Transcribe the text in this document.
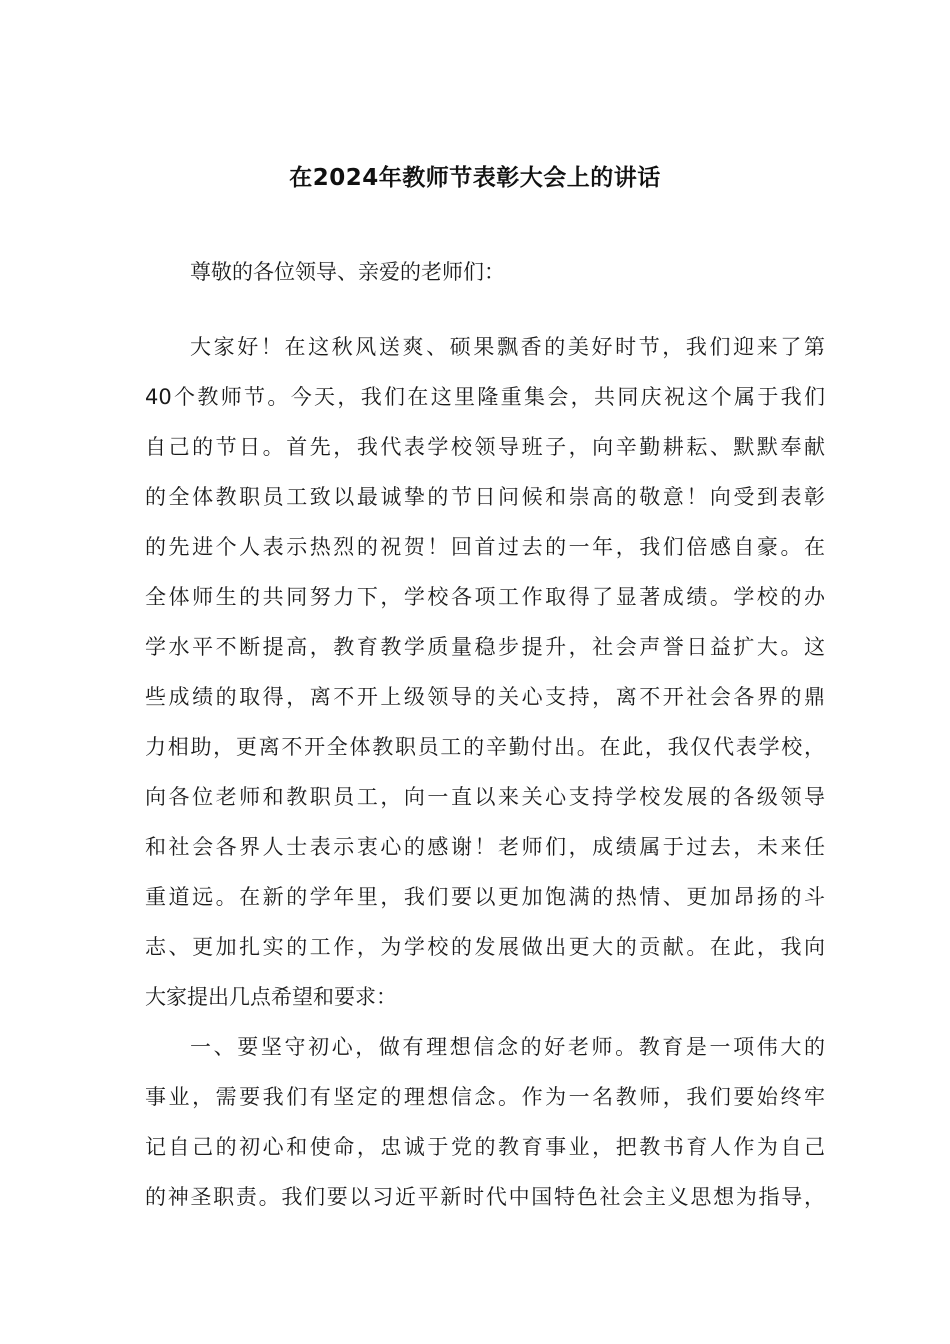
在2024年教师节表彰大会上的讲话
尊敬的各位领导、亲爱的老师们：
大家好！在这秋风送爽、硕果飘香的美好时节，我们迎来了第
40个教师节。今天，我们在这里隆重集会，共同庆祝这个属于我们
自己的节日。首先，我代表学校领导班子，向辛勤耕耘、默默奉献
的全体教职员工致以最诚挚的节日问候和崇高的敬意！向受到表彰
的先进个人表示热烈的祝贺！回首过去的一年，我们倍感自豪。在
全体师生的共同努力下，学校各项工作取得了显著成绩。学校的办
学水平不断提高，教育教学质量稳步提升，社会声誉日益扩大。这
些成绩的取得，离不开上级领导的关心支持，离不开社会各界的鼎
力相助，更离不开全体教职员工的辛勤付出。在此，我仅代表学校，
向各位老师和教职员工，向一直以来关心支持学校发展的各级领导
和社会各界人士表示衷心的感谢！老师们，成绩属于过去，未来任
重道远。在新的学年里，我们要以更加饱满的热情、更加昂扬的斗
志、更加扎实的工作，为学校的发展做出更大的贡献。在此，我向
大家提出几点希望和要求：
一、要坚守初心，做有理想信念的好老师。教育是一项伟大的
事业，需要我们有坚定的理想信念。作为一名教师，我们要始终牢
记自己的初心和使命，忠诚于党的教育事业，把教书育人作为自己
的神圣职责。我们要以习近平新时代中国特色社会主义思想为指导，
